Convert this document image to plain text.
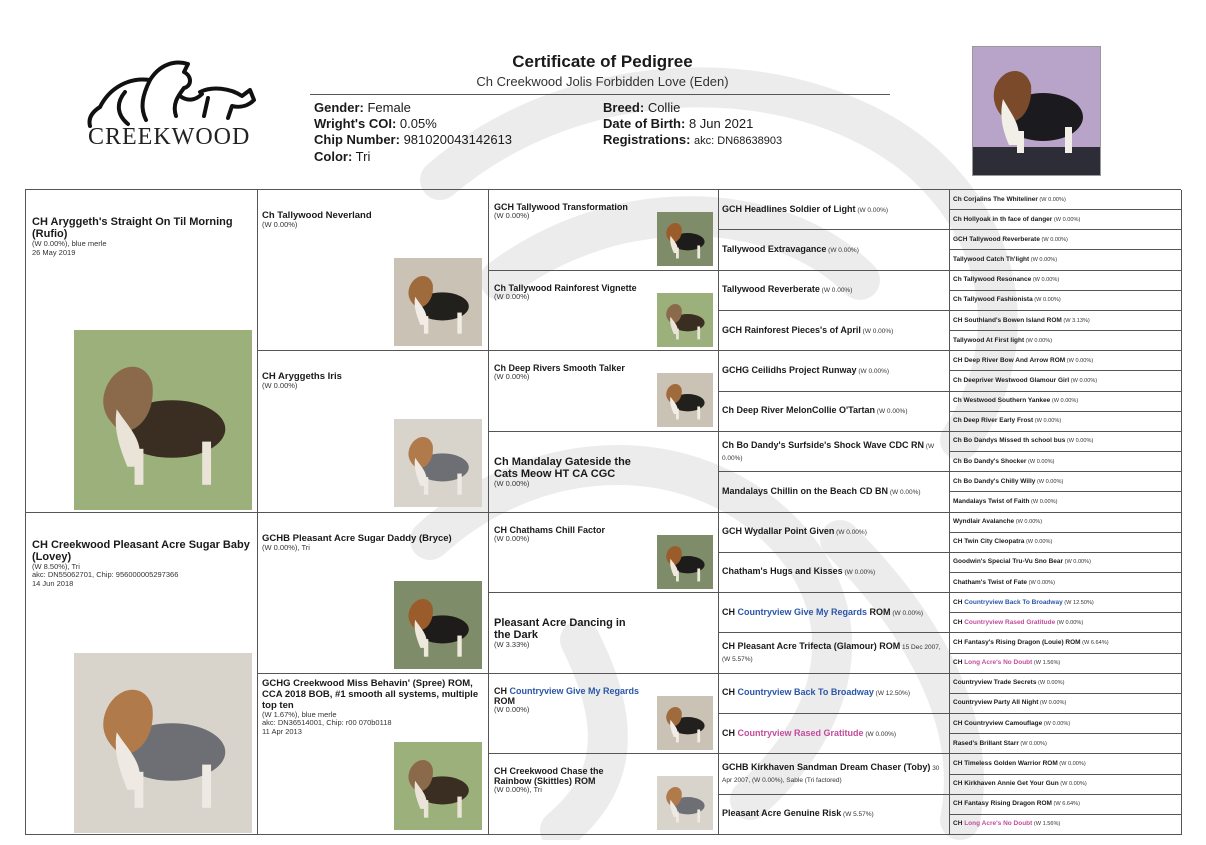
CREEKWOOD
Certificate of Pedigree
Ch Creekwood Jolis Forbidden Love (Eden)
Gender: Female
Wright's COI: 0.05%
Chip Number: 981020043142613
Color: Tri
Breed: Collie
Date of Birth: 8 Jun 2021
Registrations: akc: DN68638903
CH Aryggeth's Straight On Til Morning (Rufio)
(W 0.00%), blue merle
26 May 2019
CH Creekwood Pleasant Acre Sugar Baby (Lovey)
(W 8.50%), Tri
akc: DN55062701, Chip: 956000005297366
14 Jun 2018
Ch Tallywood Neverland
(W 0.00%)
CH Aryggeths Iris
(W 0.00%)
GCHB Pleasant Acre Sugar Daddy (Bryce)
(W 0.00%), Tri
GCHG Creekwood Miss Behavin' (Spree) ROM, CCA 2018 BOB, #1 smooth all systems, multiple top ten
(W 1.67%), blue merle
akc: DN36514001, Chip: r00 070b0118
11 Apr 2013
GCH Tallywood Transformation
(W 0.00%)
Ch Tallywood Rainforest Vignette
(W 0.00%)
Ch Deep Rivers Smooth Talker
(W 0.00%)
Ch Mandalay Gateside the Cats Meow HT CA CGC
(W 0.00%)
CH Chathams Chill Factor
(W 0.00%)
Pleasant Acre Dancing in the Dark
(W 3.33%)
CH Countryview Give My Regards ROM
(W 0.00%)
CH Creekwood Chase the Rainbow (Skittles) ROM
(W 0.00%), Tri
GCH Headlines Soldier of Light (W 0.00%)
Tallywood Extravagance (W 0.00%)
Tallywood Reverberate (W 0.00%)
GCH Rainforest Pieces's of April (W 0.00%)
GCHG Ceilidhs Project Runway (W 0.00%)
Ch Deep River MelonCollie O'Tartan (W 0.00%)
Ch Bo Dandy's Surfside's Shock Wave CDC RN (W 0.00%)
Mandalays Chillin on the Beach CD BN (W 0.00%)
GCH Wydallar Point Given (W 0.00%)
Chatham's Hugs and Kisses (W 0.00%)
CH Countryview Give My Regards ROM (W 0.00%)
CH Pleasant Acre Trifecta (Glamour) ROM 15 Dec 2007, (W 5.57%)
CH Countryview Back To Broadway (W 12.50%)
CH Countryview Rased Gratitude (W 0.00%)
GCHB Kirkhaven Sandman Dream Chaser (Toby) 30 Apr 2007, (W 0.00%), Sable (Tri factored)
Pleasant Acre Genuine Risk (W 5.57%)
Ch Corjalins The Whiteliner (W 0.00%)
Ch Hollyoak in th face of danger (W 0.00%)
GCH Tallywood Reverberate (W 0.00%)
Tallywood Catch Th'light (W 0.00%)
Ch Tallywood Resonance (W 0.00%)
Ch Tallywood Fashionista (W 0.00%)
CH Southland's Bowen Island ROM (W 3.13%)
Tallywood At First light (W 0.00%)
CH Deep River Bow And Arrow ROM (W 0.00%)
Ch Deepriver Westwood Glamour Girl (W 0.00%)
Ch Westwood Southern Yankee (W 0.00%)
Ch Deep River Early Frost (W 0.00%)
Ch Bo Dandys Missed th school bus (W 0.00%)
Ch Bo Dandy's Shocker (W 0.00%)
Ch Bo Dandy's Chilly Willy (W 0.00%)
Mandalays Twist of Faith (W 0.00%)
Wyndlair Avalanche (W 0.00%)
CH Twin City Cleopatra (W 0.00%)
Goodwin's Special Tru-Vu Sno Bear (W 0.00%)
Chatham's Twist of Fate (W 0.00%)
CH Countryview Back To Broadway (W 12.50%)
CH Countryview Rased Gratitude (W 0.00%)
CH Fantasy's Rising Dragon (Louie) ROM (W 6.64%)
CH Long Acre's No Doubt (W 1.56%)
Countryview Trade Secrets (W 0.00%)
Countryview Party All Night (W 0.00%)
CH Countryview Camouflage (W 0.00%)
Rased's Brillant Starr (W 0.00%)
CH Timeless Golden Warrior ROM (W 0.00%)
CH Kirkhaven Annie Get Your Gun (W 0.00%)
CH Fantasy Rising Dragon ROM (W 6.64%)
CH Long Acre's No Doubt (W 1.56%)
